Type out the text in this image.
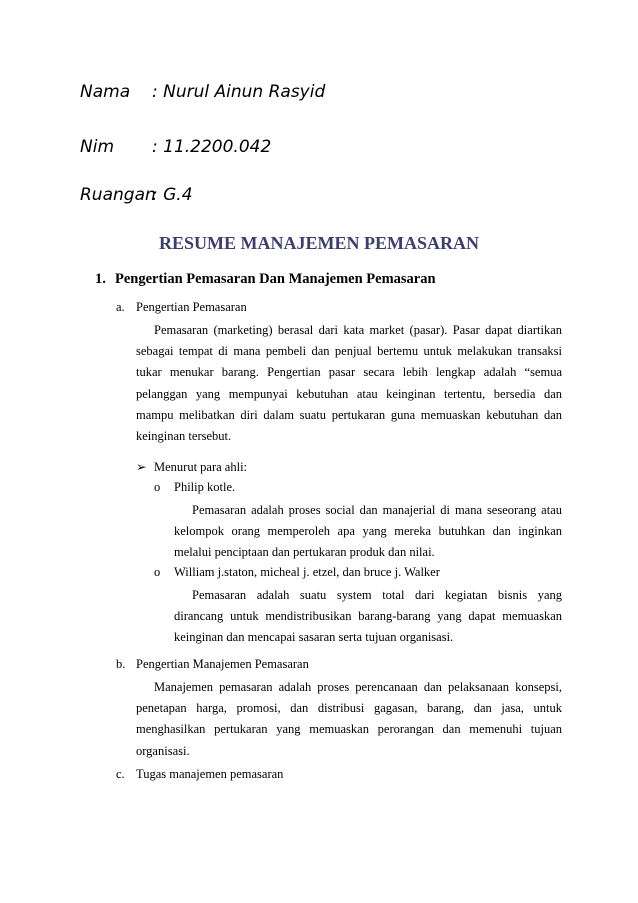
Nama : Nurul Ainun Rasyid
Nim : 11.2200.042
Ruangan
: G.4
RESUME MANAJEMEN PEMASARAN
1. Pengertian Pemasaran Dan Manajemen Pemasaran
a. Pengertian Pemasaran
Pemasaran (marketing) berasal dari kata market (pasar). Pasar dapat diartikan
sebagai tempat di mana pembeli dan penjual bertemu untuk melakukan transaksi
tukar menukar barang. Pengertian pasar secara lebih lengkap adalah “semua
pelanggan yang mempunyai kebutuhan atau keinginan tertentu, bersedia dan
mampu melibatkan diri dalam suatu pertukaran guna memuaskan kebutuhan dan
keinginan tersebut.
➢ Menurut para ahli:
o Philip kotle.
Pemasaran adalah proses social dan manajerial di mana seseorang atau
kelompok orang memperoleh apa yang mereka butuhkan dan inginkan
melalui penciptaan dan pertukaran produk dan nilai.
o William j.staton, micheal j. etzel, dan bruce j. Walker
Pemasaran adalah suatu system total dari kegiatan bisnis yang
dirancang untuk mendistribusikan barang-barang yang dapat memuaskan
keinginan dan mencapai sasaran serta tujuan organisasi.
b. Pengertian Manajemen Pemasaran
Manajemen pemasaran adalah proses perencanaan dan pelaksanaan konsepsi,
penetapan harga, promosi, dan distribusi gagasan, barang, dan jasa, untuk
menghasilkan pertukaran yang memuaskan perorangan dan memenuhi tujuan
organisasi.
c. Tugas manajemen pemasaran
